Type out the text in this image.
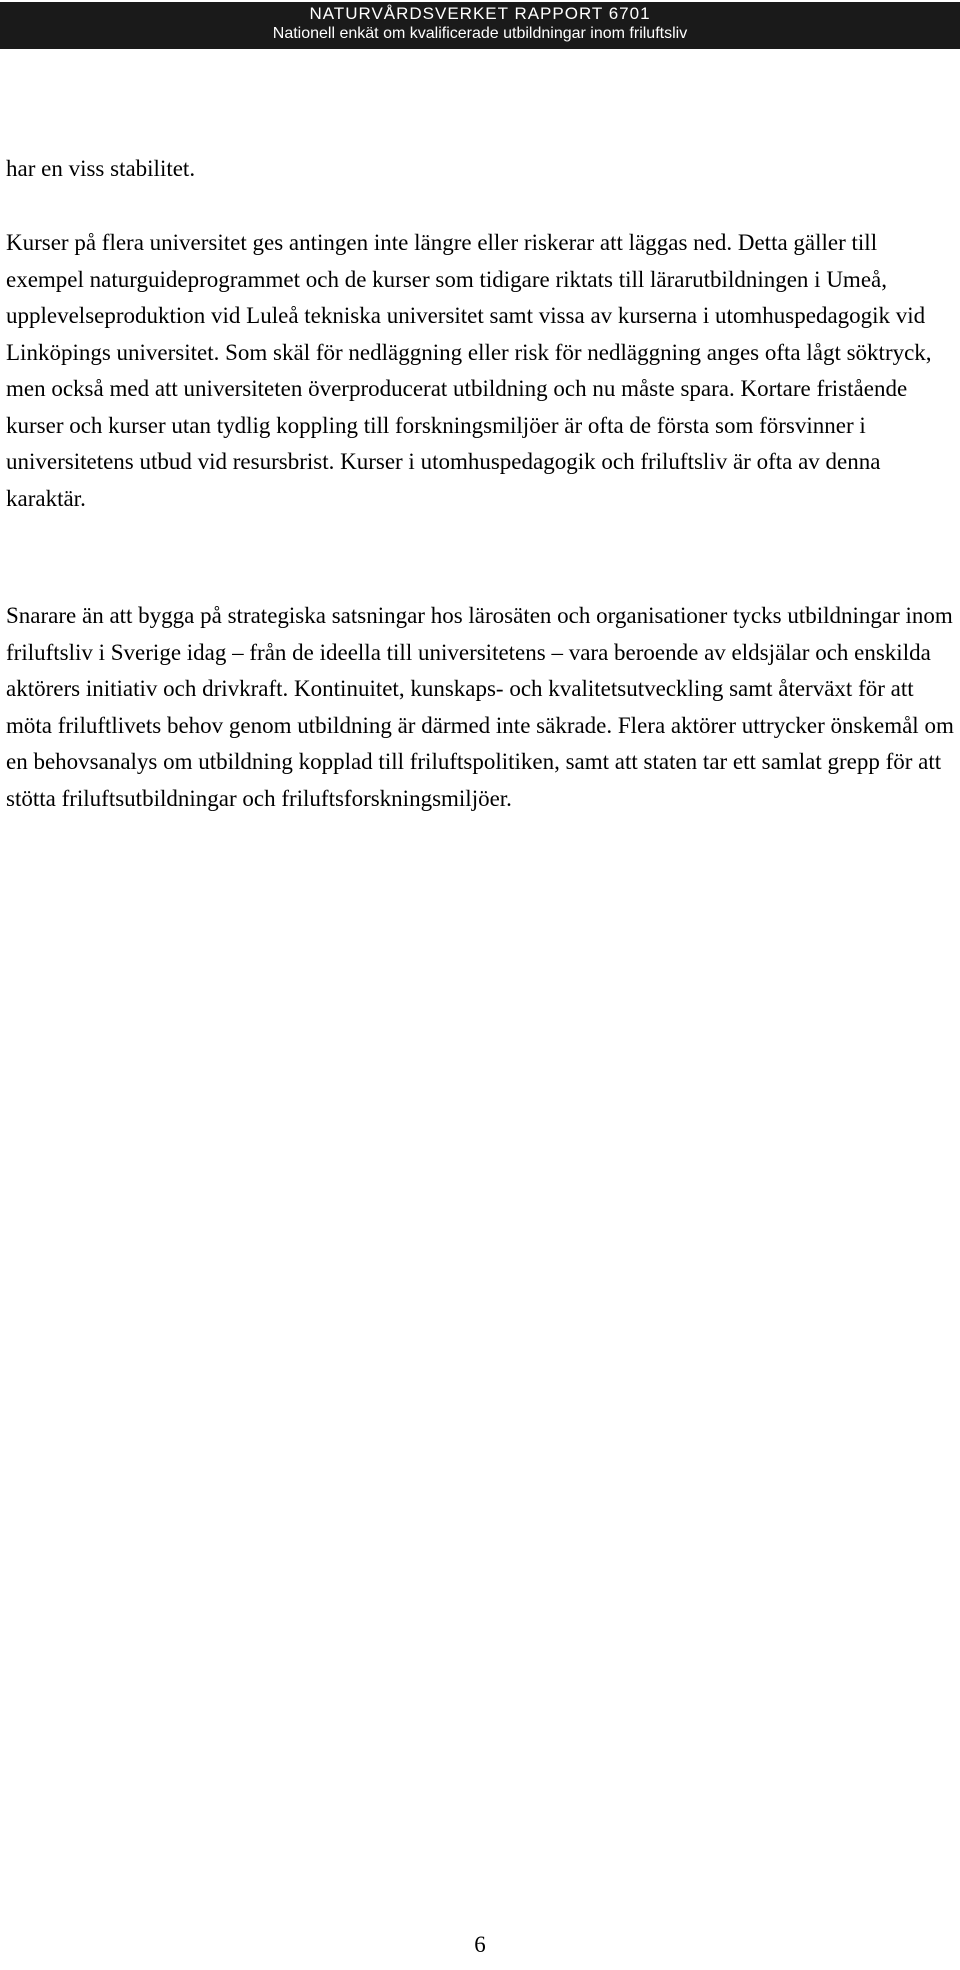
NATURVÅRDSVERKET RAPPORT 6701
Nationell enkät om kvalificerade utbildningar inom friluftsliv

har en viss stabilitet.

Kurser på flera universitet ges antingen inte längre eller riskerar att läggas ned. Detta gäller till exempel naturguideprogrammet och de kurser som tidigare riktats till lärarutbildningen i Umeå, upplevelseproduktion vid Luleå tekniska universitet samt vissa av kurserna i utomhuspedagogik vid Linköpings universitet. Som skäl för nedläggning eller risk för nedläggning anges ofta lågt söktryck, men också med att universiteten överproducerat utbildning och nu måste spara. Kortare fristående kurser och kurser utan tydlig koppling till forskningsmiljöer är ofta de första som försvinner i universitetens utbud vid resursbrist. Kurser i utomhuspedagogik och friluftsliv är ofta av denna karaktär.

Snarare än att bygga på strategiska satsningar hos lärosäten och organisationer tycks utbildningar inom friluftsliv i Sverige idag – från de ideella till universitetens – vara beroende av eldsjälar och enskilda aktörers initiativ och drivkraft. Kontinuitet, kunskaps- och kvalitetsutveckling samt återväxt för att möta friluftlivets behov genom utbildning är därmed inte säkrade. Flera aktörer uttrycker önskemål om en behovsanalys om utbildning kopplad till friluftspolitiken, samt att staten tar ett samlat grepp för att stötta friluftsutbildningar och friluftsforskningsmiljöer.

6
